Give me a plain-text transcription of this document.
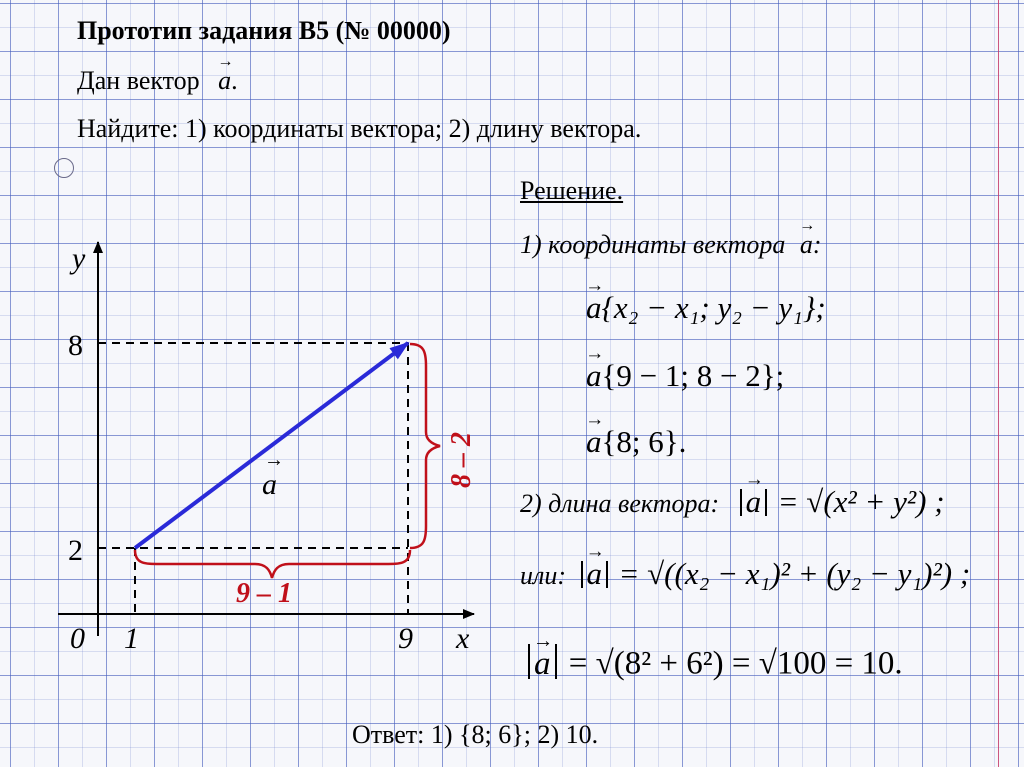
Прототип задания B5 (№ 00000)
Дан вектор
→
a.
Найдите: 1) координаты вектора; 2) длину вектора.
Решение.
1) координаты вектора
→
a:
→
a{x₂ − x₁; y₂ − y₁};
→
a{9 − 1; 8 − 2};
→
a{8; 6}.
2) длина вектора:
→
a = √(x² + y²) ;
или:
→
a = √((x₂ − x₁)² + (y₂ − y₁)²) ;
→
a = √(8² + 6²) = √100 = 10.
Ответ: 1) {8; 6}; 2) 10.
y
x
0 1	9
8
2
a
→
9 – 1
8 – 2
